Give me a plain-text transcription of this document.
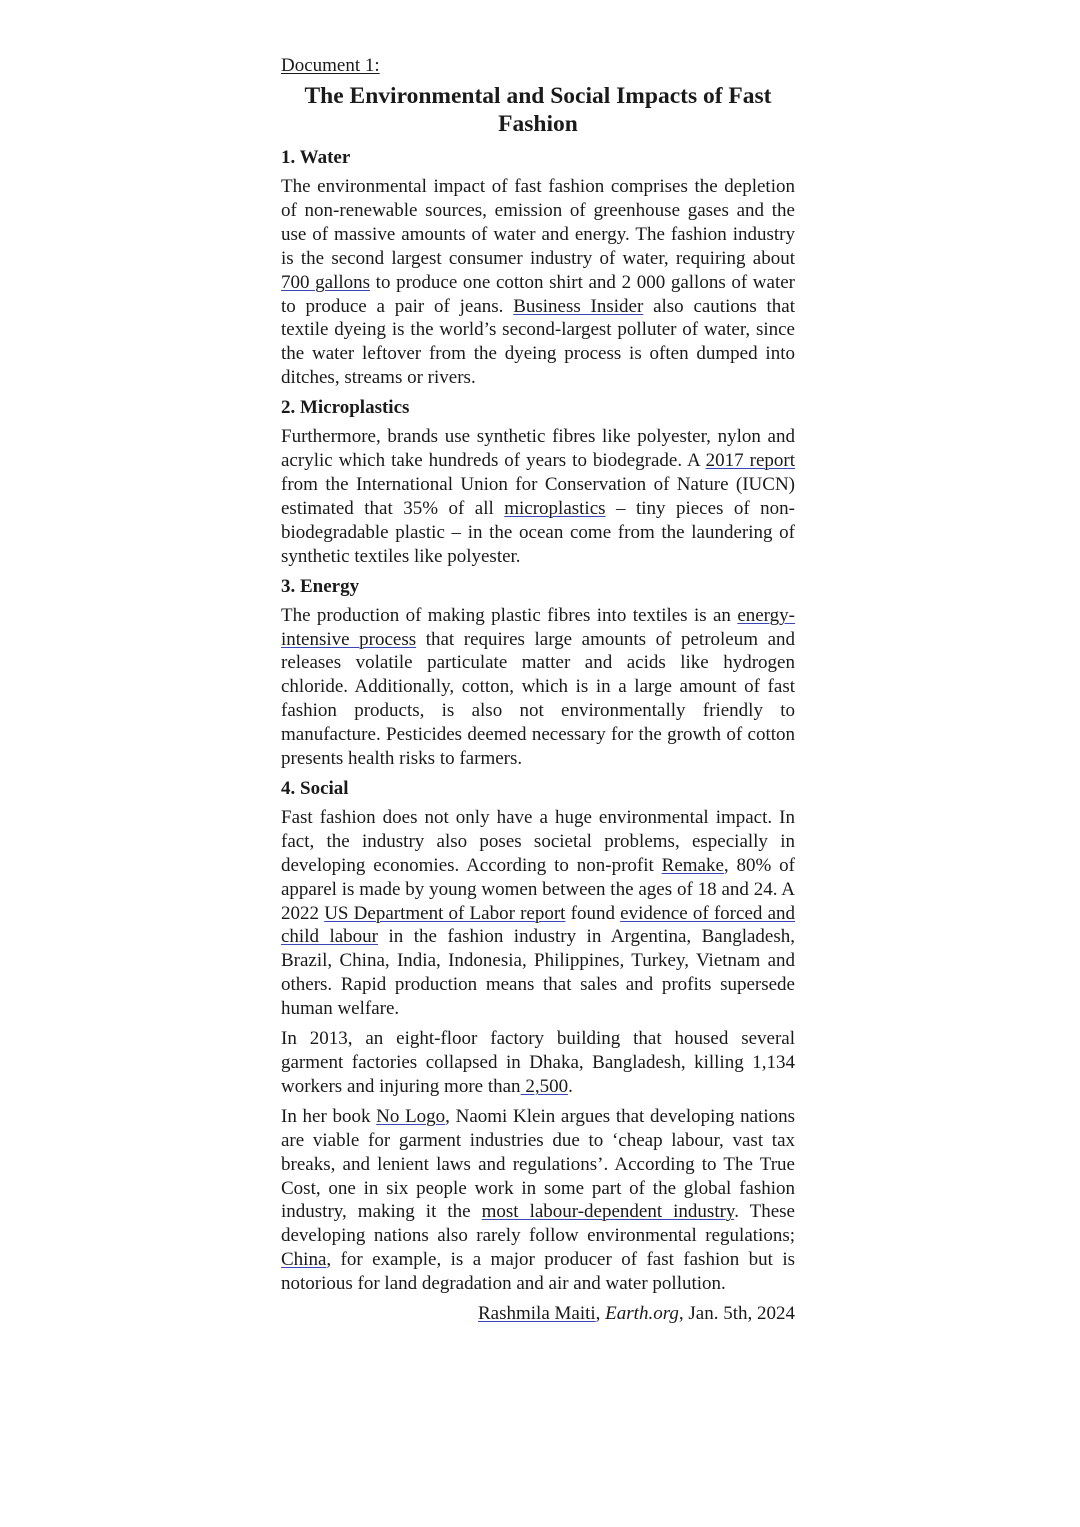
Document 1:

The Environmental and Social Impacts of Fast Fashion
1. Water

The environmental impact of fast fashion comprises the depletion of non-renewable sources, emission of greenhouse gases and the use of massive amounts of water and energy. The fashion industry is the second largest consumer industry of water, requiring about 700 gallons to produce one cotton shirt and 2 000 gallons of water to produce a pair of jeans. Business Insider also cautions that textile dyeing is the world’s second-largest polluter of water, since the water leftover from the dyeing process is often dumped into ditches, streams or rivers.

2. Microplastics

Furthermore, brands use synthetic fibres like polyester, nylon and acrylic which take hundreds of years to biodegrade. A 2017 report from the International Union for Conservation of Nature (IUCN) estimated that 35% of all microplastics – tiny pieces of non-biodegradable plastic – in the ocean come from the laundering of synthetic textiles like polyester.

3. Energy

The production of making plastic fibres into textiles is an energy-intensive process that requires large amounts of petroleum and releases volatile particulate matter and acids like hydrogen chloride. Additionally, cotton, which is in a large amount of fast fashion products, is also not environmentally friendly to manufacture. Pesticides deemed necessary for the growth of cotton presents health risks to farmers.

4. Social

Fast fashion does not only have a huge environmental impact. In fact, the industry also poses societal problems, especially in developing economies. According to non-profit Remake, 80% of apparel is made by young women between the ages of 18 and 24. A 2022 US Department of Labor report found evidence of forced and child labour in the fashion industry in Argentina, Bangladesh, Brazil, China, India, Indonesia, Philippines, Turkey, Vietnam and others. Rapid production means that sales and profits supersede human welfare.

In 2013, an eight-floor factory building that housed several garment factories collapsed in Dhaka, Bangladesh, killing 1,134 workers and injuring more than 2,500.

In her book No Logo, Naomi Klein argues that developing nations are viable for garment industries due to ‘cheap labour, vast tax breaks, and lenient laws and regulations’. According to The True Cost, one in six people work in some part of the global fashion industry, making it the most labour-dependent industry. These developing nations also rarely follow environmental regulations; China, for example, is a major producer of fast fashion but is notorious for land degradation and air and water pollution.

Rashmila Maiti, Earth.org, Jan. 5th, 2024
